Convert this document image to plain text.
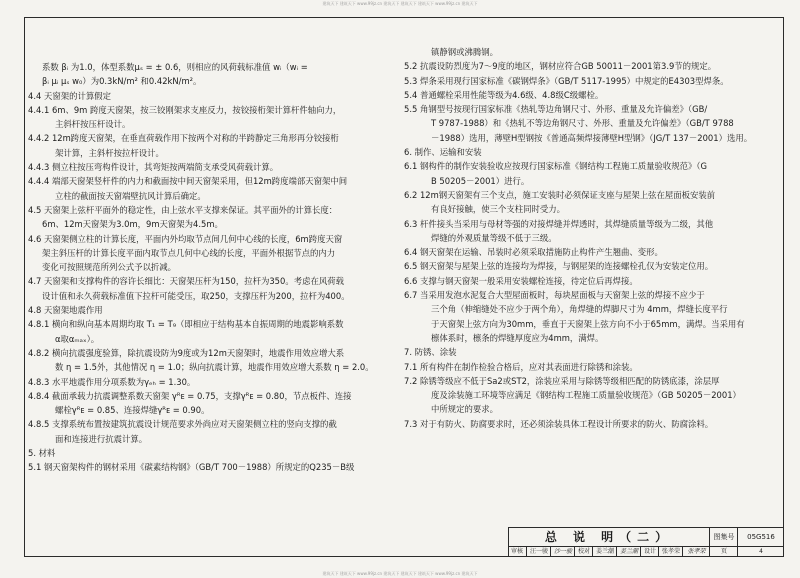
建筑天下 建筑天下 www.99jz.cn 建筑天下 建筑天下 建筑天下 www.99jz.cn 建筑天下
系数 βᵢ 为1.0，体型系数μₛ = ± 0.6，则相应的风荷载标准值 wᵢ（wᵢ =
βᵢ μᵢ μₛ w₀）为0.3kN/m² 和0.42kN/m²。
4.4 天窗架的计算假定
4.4.1 6m、9m 跨度天窗架，按三铰刚架求支座反力，按铰接桁架计算杆件轴向力，
主斜杆按压杆设计。
4.4.2 12m跨度天窗架，在垂直荷载作用下按两个对称的半跨静定三角形再分铰接桁
架计算，主斜杆按拉杆设计。
4.4.3 侧立柱按压弯构件设计，其弯矩按两端简支承受风荷载计算。
4.4.4 端部天窗架竖杆件的内力和截面按中间天窗架采用，但12m跨度端部天窗架中间
立柱的截面按天窗端壁抗风计算后确定。
4.5 天窗架上弦杆平面外的稳定性，由上弦水平支撑来保证。其平面外的计算长度：
6m、12m天窗架为3.0m，9m天窗架为4.5m。
4.6 天窗架侧立柱的计算长度，平面内外均取节点间几何中心线的长度，6m跨度天窗
架主斜压杆的计算长度平面内取节点几何中心线的长度，平面外根据节点的内力
变化可按照规范所列公式予以折减。
4.7 天窗架和支撑构件的容许长细比：天窗架压杆为150，拉杆为350。考虑在风荷载
设计值和永久荷载标准值下拉杆可能受压，取250，支撑压杆为200，拉杆为400。
4.8 天窗架地震作用
4.8.1 横向和纵向基本周期均取 T₁ = T₉（即相应于结构基本自振周期的地震影响系数
α取αₘₐₓ）。
4.8.2 横向抗震强度验算，除抗震设防为9度或为12m天窗架时，地震作用效应增大系
数 η = 1.5外，其他情况 η = 1.0；纵向抗震计算，地震作用效应增大系数 η = 2.0。
4.8.3 水平地震作用分项系数为γₑₕ = 1.30。
4.8.4 截面承载力抗震调整系数天窗架 γᴿᴇ = 0.75，支撑γᴿᴇ = 0.80，节点板件、连接
螺栓γᴿᴇ = 0.85、连接焊缝γᴿᴇ = 0.90。
4.8.5 支撑系统布置按建筑抗震设计规范要求外尚应对天窗架侧立柱的竖向支撑的截
面和连接进行抗震计算。
5. 材料
5.1 钢天窗架构件的钢材采用《碳素结构钢》（GB/T 700－1988）所规定的Q235－B级
镇静钢或沸腾钢。
5.2 抗震设防烈度为7～9度的地区，钢材应符合GB 50011－2001第3.9节的规定。
5.3 焊条采用现行国家标准《碳钢焊条》（GB/T 5117-1995）中规定的E4303型焊条。
5.4 普通螺栓采用性能等级为4.6级、4.8级C级螺栓。
5.5 角钢型号按现行国家标准《热轧等边角钢尺寸、外形、重量及允许偏差》（GB/
T 9787-1988）和《热轧不等边角钢尺寸、外形、重量及允许偏差》（GB/T 9788
－1988）选用，薄壁H型钢按《普通高频焊接薄壁H型钢》（JG/T 137－2001）选用。
6. 制作、运输和安装
6.1 钢构件的制作安装验收应按现行国家标准《钢结构工程施工质量验收规范》（G
B 50205－2001）进行。
6.2 12m钢天窗架有三个支点，施工安装时必须保证支座与屋架上弦在屋面板安装前
有良好接触，使三个支柱同时受力。
6.3 杆件接头当采用与母材等强的对接焊缝并焊透时，其焊缝质量等级为二级，其他
焊缝的外观质量等级不低于三级。
6.4 钢天窗架在运输、吊装时必须采取措施防止构件产生翘曲、变形。
6.5 钢天窗架与屋架上弦的连接均为焊接，与钢屋架的连接螺栓孔仅为安装定位用。
6.6 支撑与钢天窗架一般采用安装螺栓连接，待定位后再焊接。
6.7 当采用发泡水泥复合大型屋面板时，每块屋面板与天窗架上弦的焊接不应少于
三个角（伸缩缝处不应少于两个角），角焊缝的焊脚尺寸为 4mm，焊缝长度平行
于天窗架上弦方向为30mm，垂直于天窗架上弦方向不小于65mm，满焊。当采用有
檩体系时，檩条的焊缝厚度应为4mm，满焊。
7. 防锈、涂装
7.1 所有构件在制作检验合格后，应对其表面进行除锈和涂装。
7.2 除锈等级应不低于Sa2或ST2，涂装应采用与除锈等级相匹配的防锈底漆，涂层厚
度及涂装施工环境等应满足《钢结构工程施工质量验收规范》（GB 50205－2001）
中所规定的要求。
7.3 对于有防火、防腐要求时，还必须涂装具体工程设计所要求的防火、防腐涂料。
总 说 明（二）	图集号	05G516
审核	汪一骏 沙一骏 校对 姜兰潮 姜兰潮 设计 张孝荣	张孝荣	页	4
建筑天下 建筑天下 www.99jz.cn 建筑天下 建筑天下 建筑天下 www.99jz.cn 建筑天下
